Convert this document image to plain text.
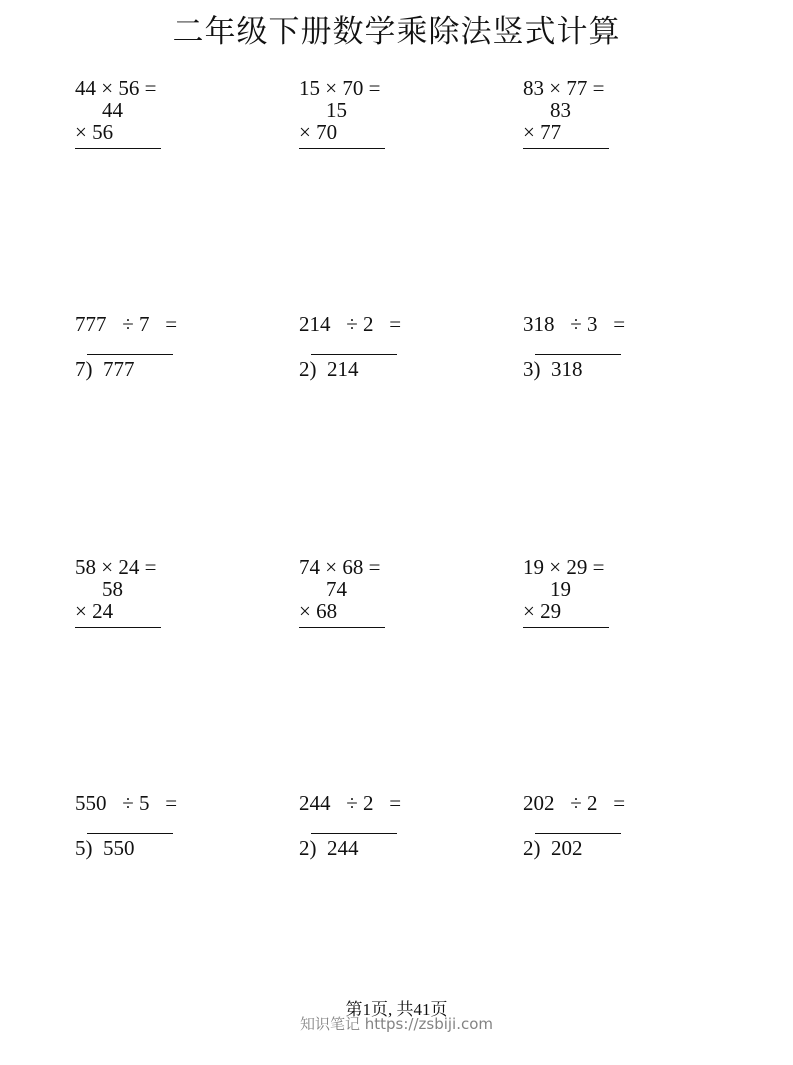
二年级下册数学乘除法竖式计算
44 × 56 =
44
× 56
15 × 70 =
15
× 70
83 × 77 =
83
× 77
777   ÷ 7   =
7)  777
214   ÷ 2   =
2)  214
318   ÷ 3   =
3)  318
58 × 24 =
58
× 24
74 × 68 =
74
× 68
19 × 29 =
19
× 29
550   ÷ 5   =
5)  550
244   ÷ 2   =
2)  244
202   ÷ 2   =
2)  202
第1页, 共41页
知识笔记 https://zsbiji.com
